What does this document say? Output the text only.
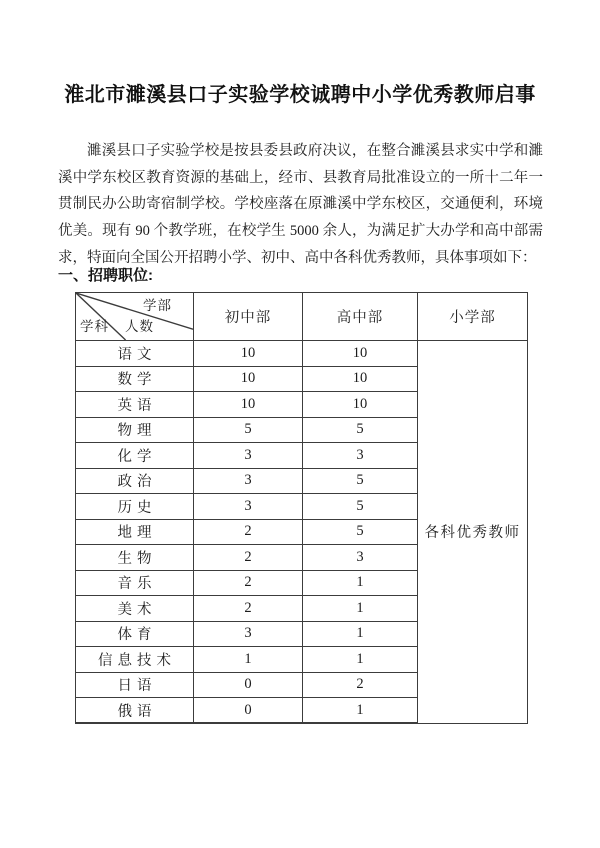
淮北市濉溪县口子实验学校诚聘中小学优秀教师启事

濉溪县口子实验学校是按县委县政府决议，在整合濉溪县求实中学和濉溪中学东校区教育资源的基础上，经市、县教育局批准设立的一所十二年一贯制民办公助寄宿制学校。学校座落在原濉溪中学东校区，交通便利，环境优美。现有 90 个教学班，在校学生 5000 余人，为满足扩大办学和高中部需求，特面向全国公开招聘小学、初中、高中各科优秀教师，具体事项如下：

一、招聘职位:
学部
人数
学科	初中部	高中部	小学部
语文	10	10	各科优秀教师
数学	10	10	
英语	10	10	
物理	5	5	
化学	3	3	
政治	3	5	
历史	3	5	
地理	2	5	
生物	2	3	
音乐	2	1	
美术	2	1	
体育	3	1	
信息技术	1	1	
日语	0	2	
俄语	0	1	
